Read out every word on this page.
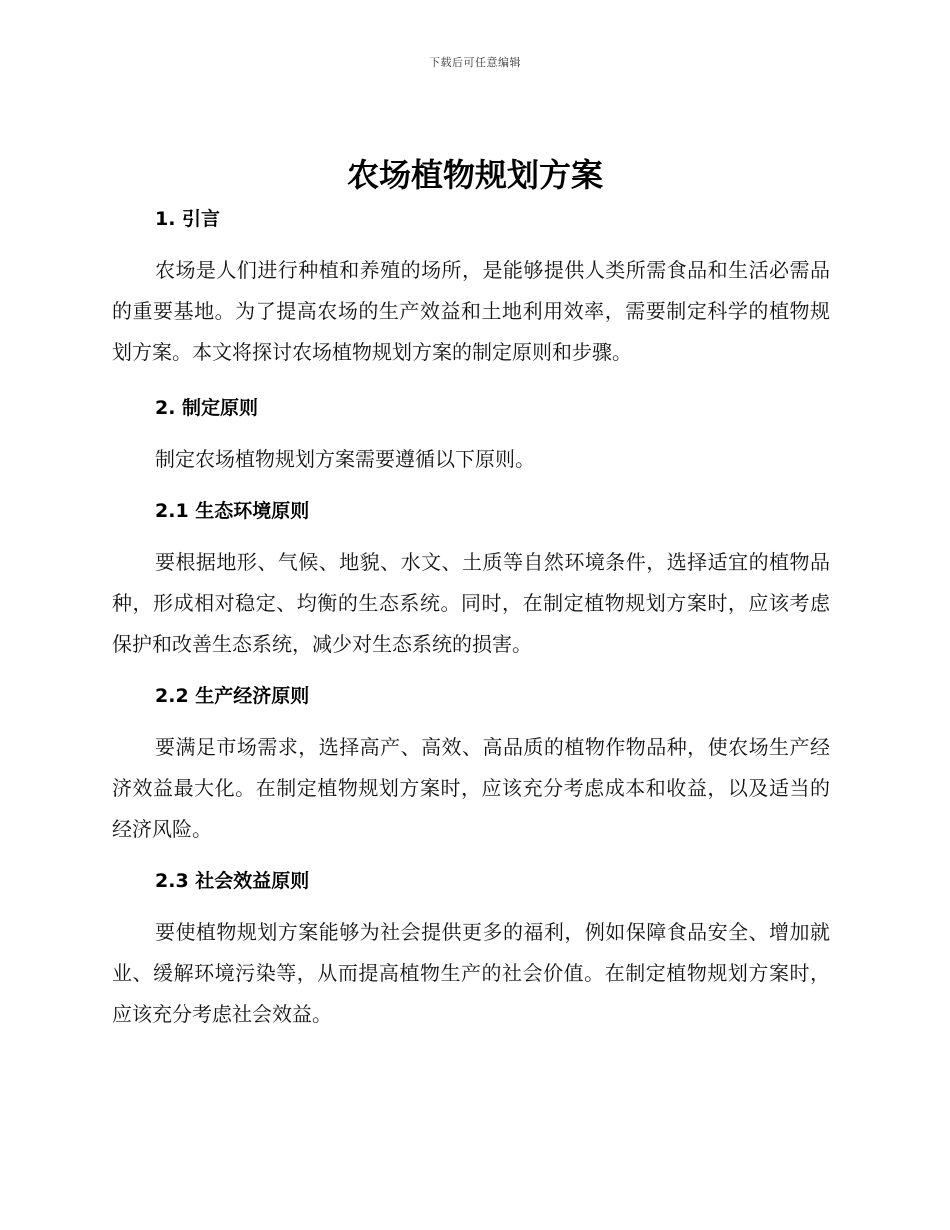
下载后可任意编辑
农场植物规划方案
1. 引言

农场是人们进行种植和养殖的场所，是能够提供人类所需食品和生活必需品的重要基地。为了提高农场的生产效益和土地利用效率，需要制定科学的植物规划方案。本文将探讨农场植物规划方案的制定原则和步骤。

2. 制定原则

制定农场植物规划方案需要遵循以下原则。

2.1 生态环境原则

要根据地形、气候、地貌、水文、土质等自然环境条件，选择适宜的植物品种，形成相对稳定、均衡的生态系统。同时，在制定植物规划方案时，应该考虑保护和改善生态系统，减少对生态系统的损害。

2.2 生产经济原则

要满足市场需求，选择高产、高效、高品质的植物作物品种，使农场生产经济效益最大化。在制定植物规划方案时，应该充分考虑成本和收益，以及适当的经济风险。

2.3 社会效益原则

要使植物规划方案能够为社会提供更多的福利，例如保障食品安全、增加就业、缓解环境污染等，从而提高植物生产的社会价值。在制定植物规划方案时，应该充分考虑社会效益。
